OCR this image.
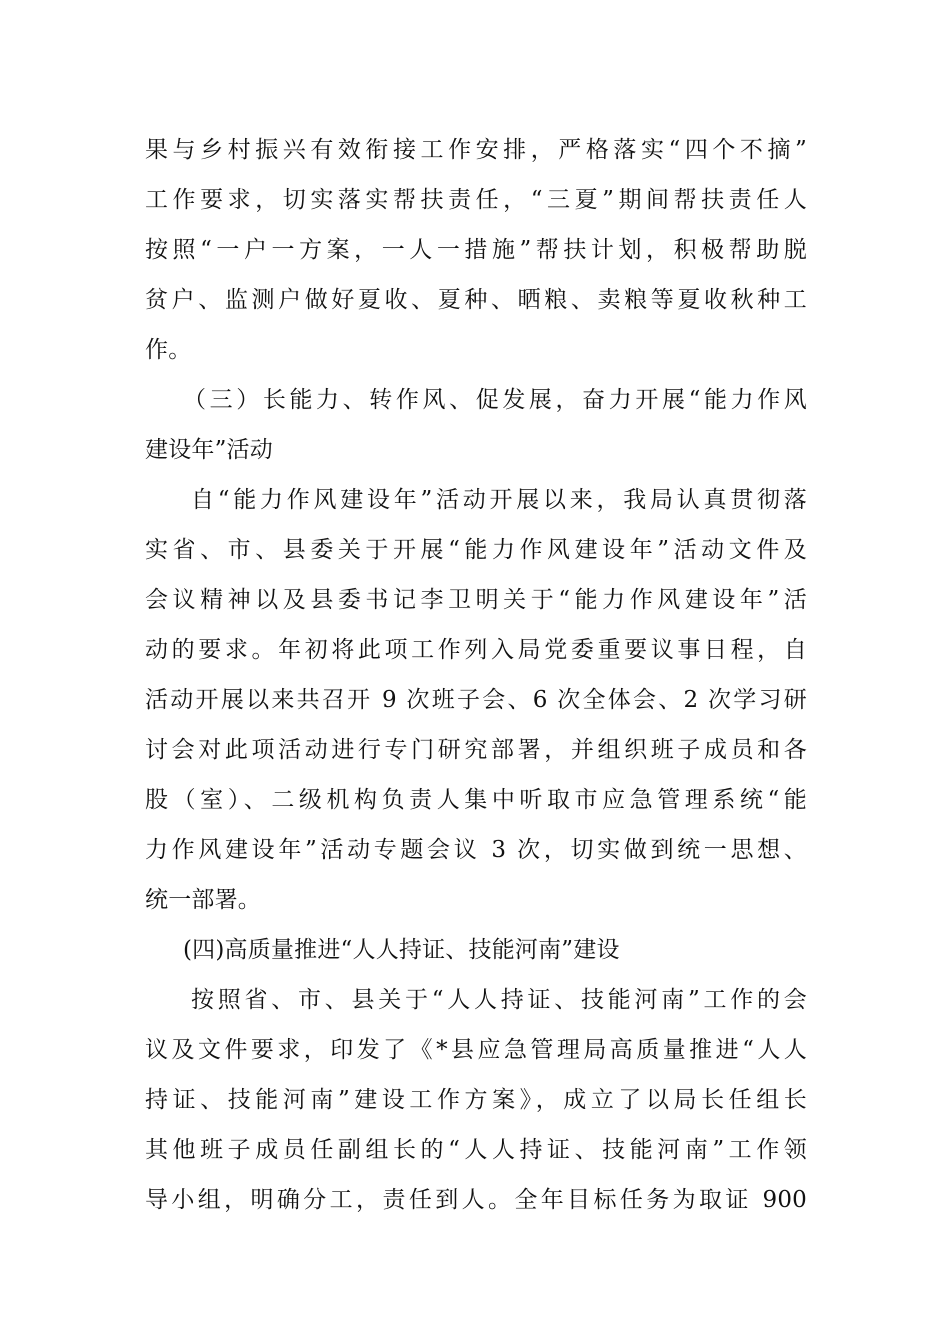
果与乡村振兴有效衔接工作安排，严格落实“四个不摘”
工作要求，切实落实帮扶责任，“三夏”期间帮扶责任人
按照“一户一方案，一人一措施”帮扶计划，积极帮助脱
贫户、监测户做好夏收、夏种、晒粮、卖粮等夏收秋种工
作。
（三）长能力、转作风、促发展，奋力开展“能力作风
建设年”活动
自“能力作风建设年”活动开展以来，我局认真贯彻落
实省、市、县委关于开展“能力作风建设年”活动文件及
会议精神以及县委书记李卫明关于“能力作风建设年”活
动的要求。年初将此项工作列入局党委重要议事日程，自
活动开展以来共召开 9 次班子会、6 次全体会、2 次学习研
讨会对此项活动进行专门研究部署，并组织班子成员和各
股（室）、二级机构负责人集中听取市应急管理系统“能
力作风建设年”活动专题会议 3 次，切实做到统一思想、
统一部署。
(四)高质量推进“人人持证、技能河南”建设
按照省、市、县关于“人人持证、技能河南”工作的会
议及文件要求，印发了《*县应急管理局高质量推进“人人
持证、技能河南”建设工作方案》，成立了以局长任组长
其他班子成员任副组长的“人人持证、技能河南”工作领
导小组，明确分工，责任到人。全年目标任务为取证 900
